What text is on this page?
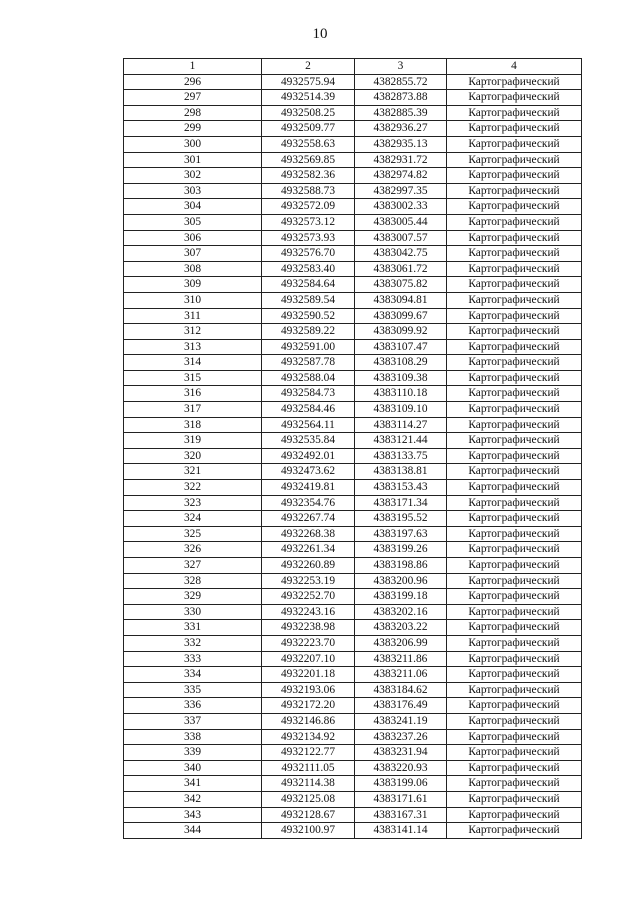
10
1	2	3	4
296	4932575.94	4382855.72	Картографический
297	4932514.39	4382873.88	Картографический
298	4932508.25	4382885.39	Картографический
299	4932509.77	4382936.27	Картографический
300	4932558.63	4382935.13	Картографический
301	4932569.85	4382931.72	Картографический
302	4932582.36	4382974.82	Картографический
303	4932588.73	4382997.35	Картографический
304	4932572.09	4383002.33	Картографический
305	4932573.12	4383005.44	Картографический
306	4932573.93	4383007.57	Картографический
307	4932576.70	4383042.75	Картографический
308	4932583.40	4383061.72	Картографический
309	4932584.64	4383075.82	Картографический
310	4932589.54	4383094.81	Картографический
311	4932590.52	4383099.67	Картографический
312	4932589.22	4383099.92	Картографический
313	4932591.00	4383107.47	Картографический
314	4932587.78	4383108.29	Картографический
315	4932588.04	4383109.38	Картографический
316	4932584.73	4383110.18	Картографический
317	4932584.46	4383109.10	Картографический
318	4932564.11	4383114.27	Картографический
319	4932535.84	4383121.44	Картографический
320	4932492.01	4383133.75	Картографический
321	4932473.62	4383138.81	Картографический
322	4932419.81	4383153.43	Картографический
323	4932354.76	4383171.34	Картографический
324	4932267.74	4383195.52	Картографический
325	4932268.38	4383197.63	Картографический
326	4932261.34	4383199.26	Картографический
327	4932260.89	4383198.86	Картографический
328	4932253.19	4383200.96	Картографический
329	4932252.70	4383199.18	Картографический
330	4932243.16	4383202.16	Картографический
331	4932238.98	4383203.22	Картографический
332	4932223.70	4383206.99	Картографический
333	4932207.10	4383211.86	Картографический
334	4932201.18	4383211.06	Картографический
335	4932193.06	4383184.62	Картографический
336	4932172.20	4383176.49	Картографический
337	4932146.86	4383241.19	Картографический
338	4932134.92	4383237.26	Картографический
339	4932122.77	4383231.94	Картографический
340	4932111.05	4383220.93	Картографический
341	4932114.38	4383199.06	Картографический
342	4932125.08	4383171.61	Картографический
343	4932128.67	4383167.31	Картографический
344	4932100.97	4383141.14	Картографический
